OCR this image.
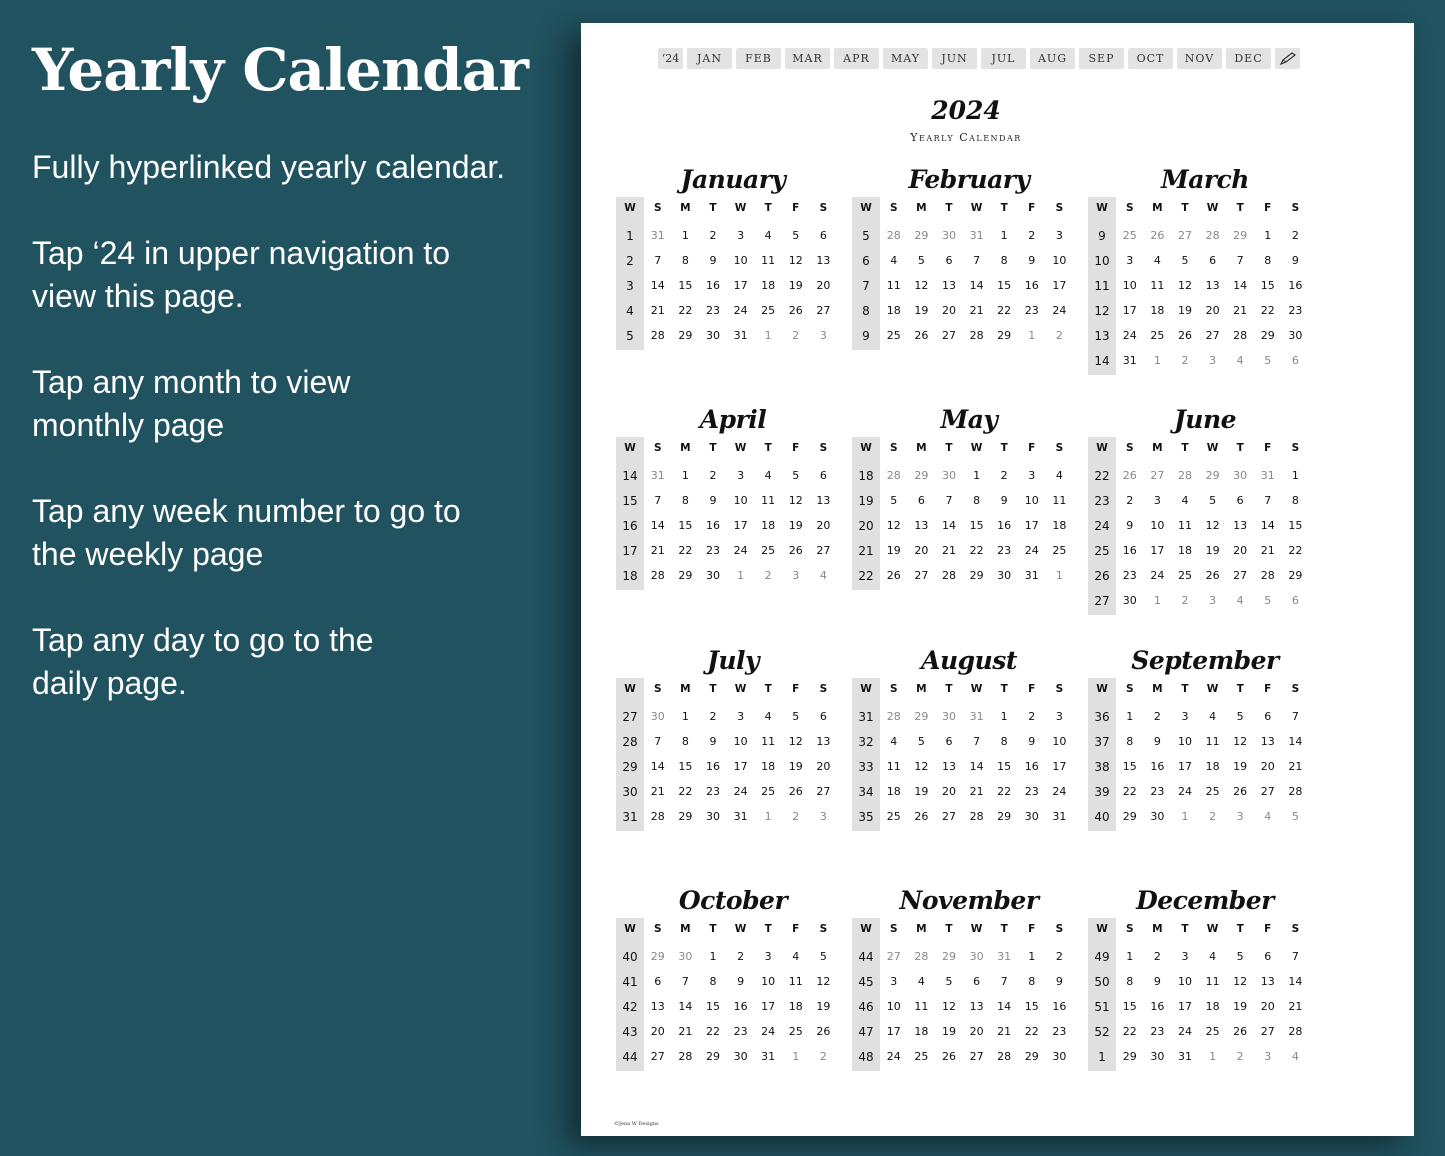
Yearly Calendar
Fully hyperlinked yearly calendar.
Tap ‘24 in upper navigation to
view this page.
Tap any month to view
monthly page
Tap any week number to go to
the weekly page
Tap any day to go to the
daily page.
‘24	JAN	FEB	MAR	APR	MAY	JUN	JUL	AUG	SEP	OCT	NOV	DEC
2024
Yearly Calendar
January
W	S	M	T	W	T	F	S
1	31	1	2	3	4	5	6
2	7	8	9	10	11	12	13
3	14	15	16	17	18	19	20
4	21	22	23	24	25	26	27
5	28	29	30	31	1	2	3
February
W	S	M	T	W	T	F	S
5	28	29	30	31	1	2	3
6	4	5	6	7	8	9	10
7	11	12	13	14	15	16	17
8	18	19	20	21	22	23	24
9	25	26	27	28	29	1	2
March
W	S	M	T	W	T	F	S
9	25	26	27	28	29	1	2
10	3	4	5	6	7	8	9
11	10	11	12	13	14	15	16
12	17	18	19	20	21	22	23
13	24	25	26	27	28	29	30
14	31	1	2	3	4	5	6
April
W	S	M	T	W	T	F	S
14	31	1	2	3	4	5	6
15	7	8	9	10	11	12	13
16	14	15	16	17	18	19	20
17	21	22	23	24	25	26	27
18	28	29	30	1	2	3	4
May
W	S	M	T	W	T	F	S
18	28	29	30	1	2	3	4
19	5	6	7	8	9	10	11
20	12	13	14	15	16	17	18
21	19	20	21	22	23	24	25
22	26	27	28	29	30	31	1
June
W	S	M	T	W	T	F	S
22	26	27	28	29	30	31	1
23	2	3	4	5	6	7	8
24	9	10	11	12	13	14	15
25	16	17	18	19	20	21	22
26	23	24	25	26	27	28	29
27	30	1	2	3	4	5	6
July
W	S	M	T	W	T	F	S
27	30	1	2	3	4	5	6
28	7	8	9	10	11	12	13
29	14	15	16	17	18	19	20
30	21	22	23	24	25	26	27
31	28	29	30	31	1	2	3
August
W	S	M	T	W	T	F	S
31	28	29	30	31	1	2	3
32	4	5	6	7	8	9	10
33	11	12	13	14	15	16	17
34	18	19	20	21	22	23	24
35	25	26	27	28	29	30	31
September
W	S	M	T	W	T	F	S
36	1	2	3	4	5	6	7
37	8	9	10	11	12	13	14
38	15	16	17	18	19	20	21
39	22	23	24	25	26	27	28
40	29	30	1	2	3	4	5
October
W	S	M	T	W	T	F	S
40	29	30	1	2	3	4	5
41	6	7	8	9	10	11	12
42	13	14	15	16	17	18	19
43	20	21	22	23	24	25	26
44	27	28	29	30	31	1	2
November
W	S	M	T	W	T	F	S
44	27	28	29	30	31	1	2
45	3	4	5	6	7	8	9
46	10	11	12	13	14	15	16
47	17	18	19	20	21	22	23
48	24	25	26	27	28	29	30
December
W	S	M	T	W	T	F	S
49	1	2	3	4	5	6	7
50	8	9	10	11	12	13	14
51	15	16	17	18	19	20	21
52	22	23	24	25	26	27	28
1	29	30	31	1	2	3	4
©Jena W Designs
